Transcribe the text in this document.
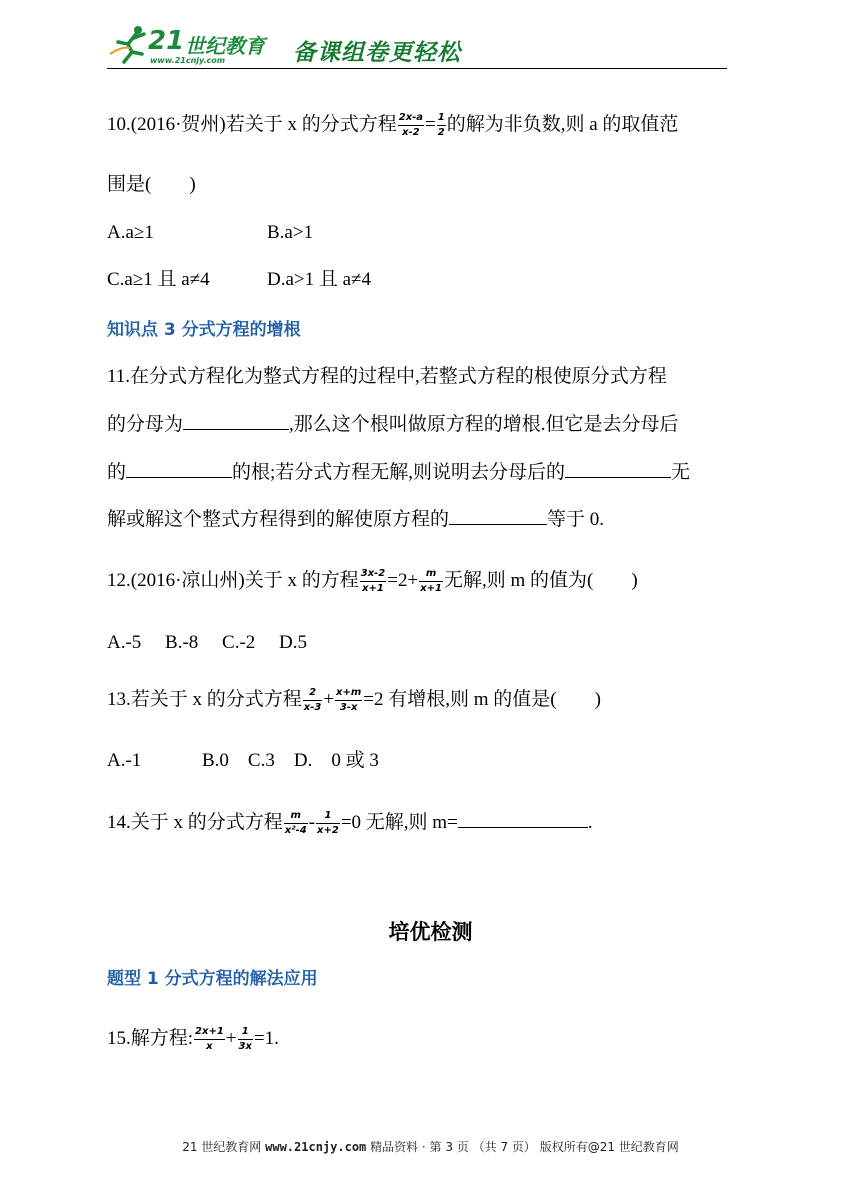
21 世纪教育
www.21cnjy.com	备课组卷更轻松
10.(2016·贺州)若关于 x 的分式方程 $\frac{2x-a}{x-2} = \frac{1}{2}$ 的解为非负数,则 a 的取值范
围是(　　)
A.a≥1	B.a>1
C.a≥1 且 a≠4	D.a>1 且 a≠4
知识点 3 分式方程的增根
11.在分式方程化为整式方程的过程中,若整式方程的根使原分式方程
的分母为	,那么这个根叫做原方程的增根.但它是去分母后
的	的根;若分式方程无解,则说明去分母后的	无
解或解这个整式方程得到的解使原方程的	等于 0.
12.(2016·凉山州)关于 x 的方程 $\frac{3x-2}{x+1} =2+ \frac{m}{x+1}$ 无解,则 m 的值为(　　)
A.-5　 B.-8　 C.-2　 D.5
13.若关于 x 的分式方程 $\frac{2}{x-3} + \frac{x+m}{3-x} =2$ 有增根,则 m 的值是(　　)
A.-1	B.0　C.3　D.　0 或 3
14.关于 x 的分式方程 $\frac{m}{\text{x²-4}} - \frac{1}{x+2} =0$ 无解,则 m=	.
培优检测
题型 1 分式方程的解法应用
15.解方程: $\frac{2x+1}{x} + \frac{1}{3x} =1$.
21 世纪教育网 www.21cnjy.com 精品资料 · 第 3 页 （共 7 页） 版权所有@21 世纪教育网
